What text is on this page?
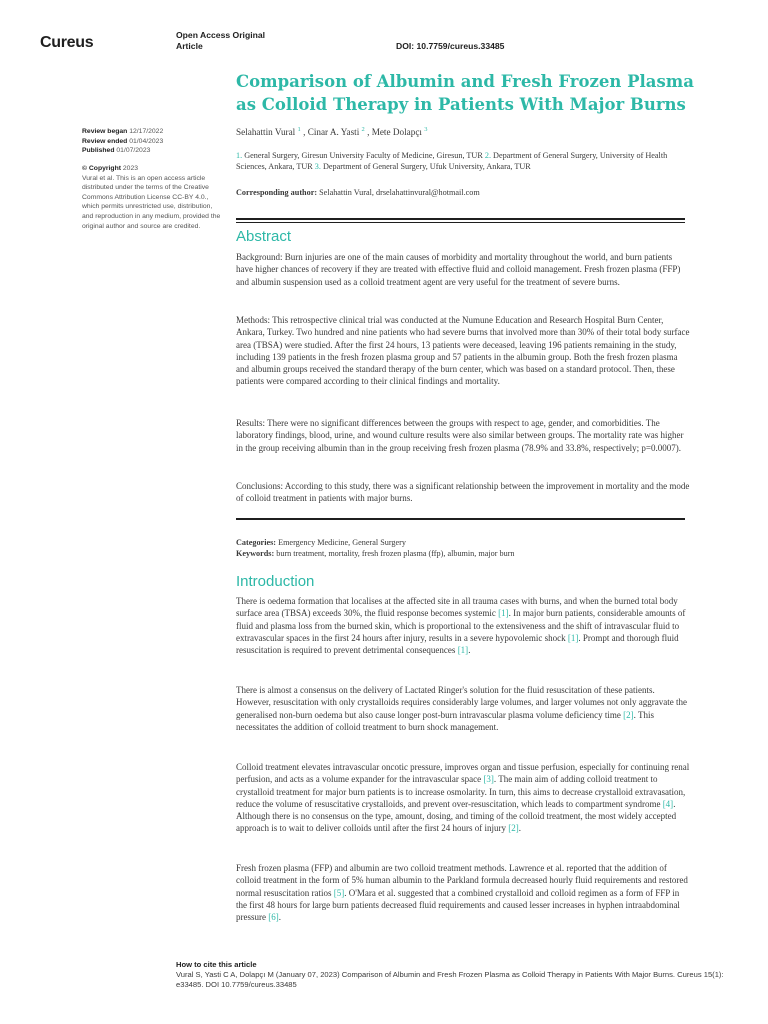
Cureus	Open Access Original
Article	DOI: 10.7759/cureus.33485
Comparison of Albumin and Fresh Frozen Plasma as Colloid Therapy in Patients With Major Burns
Selahattin Vural $^1$ , Cinar A. Yasti $^2$ , Mete Dolapçı $^3$
1. General Surgery, Giresun University Faculty of Medicine, Giresun, TUR 2. Department of General Surgery, University of Health Sciences, Ankara, TUR 3. Department of General Surgery, Ufuk University, Ankara, TUR
Corresponding author: Selahattin Vural, drselahattinvural@hotmail.com
Review began 12/17/2022
Review ended 01/04/2023
Published 01/07/2023
© Copyright 2023
Vural et al. This is an open access article distributed under the terms of the Creative Commons Attribution License CC-BY 4.0., which permits unrestricted use, distribution, and reproduction in any medium, provided the original author and source are credited.
Abstract
Background: Burn injuries are one of the main causes of morbidity and mortality throughout the world, and burn patients have higher chances of recovery if they are treated with effective fluid and colloid management. Fresh frozen plasma (FFP) and albumin suspension used as a colloid treatment agent are very useful for the treatment of severe burns.
Methods: This retrospective clinical trial was conducted at the Numune Education and Research Hospital Burn Center, Ankara, Turkey. Two hundred and nine patients who had severe burns that involved more than 30% of their total body surface area (TBSA) were studied. After the first 24 hours, 13 patients were deceased, leaving 196 patients remaining in the study, including 139 patients in the fresh frozen plasma group and 57 patients in the albumin group. Both the fresh frozen plasma and albumin groups received the standard therapy of the burn center, which was based on a standard protocol. Then, these patients were compared according to their clinical findings and mortality.
Results: There were no significant differences between the groups with respect to age, gender, and comorbidities. The laboratory findings, blood, urine, and wound culture results were also similar between groups. The mortality rate was higher in the group receiving albumin than in the group receiving fresh frozen plasma (78.9% and 33.8%, respectively; p=0.0007).
Conclusions: According to this study, there was a significant relationship between the improvement in mortality and the mode of colloid treatment in patients with major burns.
Categories: Emergency Medicine, General Surgery
Keywords: burn treatment, mortality, fresh frozen plasma (ffp), albumin, major burn
Introduction

There is oedema formation that localises at the affected site in all trauma cases with burns, and when the burned total body surface area (TBSA) exceeds 30%, the fluid response becomes systemic [1]. In major burn patients, considerable amounts of fluid and plasma loss from the burned skin, which is proportional to the extensiveness and the shift of intravascular fluid to extravascular spaces in the first 24 hours after injury, results in a severe hypovolemic shock [1]. Prompt and thorough fluid resuscitation is required to prevent detrimental consequences [1].

There is almost a consensus on the delivery of Lactated Ringer's solution for the fluid resuscitation of these patients. However, resuscitation with only crystalloids requires considerably large volumes, and larger volumes not only aggravate the generalised non-burn oedema but also cause longer post-burn intravascular plasma volume deficiency time [2]. This necessitates the addition of colloid treatment to burn shock management.

Colloid treatment elevates intravascular oncotic pressure, improves organ and tissue perfusion, especially for continuing renal perfusion, and acts as a volume expander for the intravascular space [3]. The main aim of adding colloid treatment to crystalloid treatment for major burn patients is to increase osmolarity. In turn, this aims to decrease crystalloid extravasation, reduce the volume of resuscitative crystalloids, and prevent over-resuscitation, which leads to compartment syndrome [4]. Although there is no consensus on the type, amount, dosing, and timing of the colloid treatment, the most widely accepted approach is to wait to deliver colloids until after the first 24 hours of injury [2].

Fresh frozen plasma (FFP) and albumin are two colloid treatment methods. Lawrence et al. reported that the addition of colloid treatment in the form of 5% human albumin to the Parkland formula decreased hourly fluid requirements and restored normal resuscitation ratios [5]. O'Mara et al. suggested that a combined crystalloid and colloid regimen as a form of FFP in the first 48 hours for large burn patients decreased fluid requirements and caused lesser increases in hyphen intraabdominal pressure [6].

How to cite this article
Vural S, Yasti C A, Dolapçı M (January 07, 2023) Comparison of Albumin and Fresh Frozen Plasma as Colloid Therapy in Patients With Major Burns. Cureus 15(1): e33485. DOI 10.7759/cureus.33485
